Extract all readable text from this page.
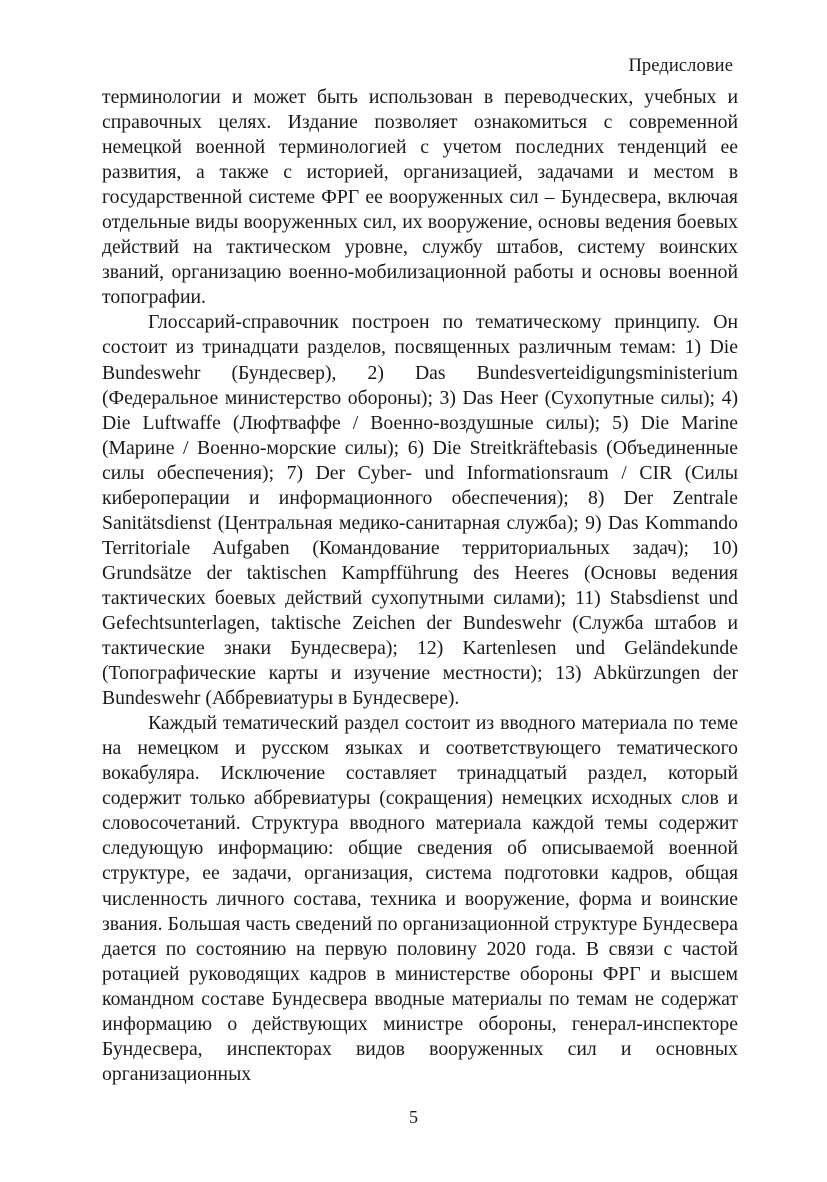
Предисловие

терминологии и может быть использован в переводческих, учебных и справочных целях. Издание позволяет ознакомиться с современной немецкой военной терминологией с учетом последних тенденций ее развития, а также с историей, организацией, задачами и местом в государственной системе ФРГ ее вооруженных сил – Бундесвера, включая отдельные виды вооруженных сил, их вооружение, основы ведения боевых действий на тактическом уровне, службу штабов, систему воинских званий, организацию военно-мобилизационной работы и основы военной топографии.

Глоссарий-справочник построен по тематическому принципу. Он состоит из тринадцати разделов, посвященных различным темам: 1) Die Bundeswehr (Бундесвер), 2) Das Bundesverteidigungsministerium (Федеральное министерство обороны); 3) Das Heer (Сухопутные силы); 4) Die Luftwaffe (Люфтваффе / Военно-воздушные силы); 5) Die Marine (Марине / Военно-морские силы); 6) Die Streitkräftebasis (Объединенные силы обеспечения); 7) Der Cyber- und Informationsraum / CIR (Силы кибероперации и информационного обеспечения); 8) Der Zentrale Sanitätsdienst (Центральная медико-санитарная служба); 9) Das Kommando Territoriale Aufgaben (Командование территориальных задач); 10) Grundsätze der taktischen Kampfführung des Heeres (Основы ведения тактических боевых действий сухопутными силами); 11) Stabsdienst und Gefechtsunterlagen, taktische Zeichen der Bundeswehr (Служба штабов и тактические знаки Бундесвера); 12) Kartenlesen und Geländekunde (Топографические карты и изучение местности); 13) Abkürzungen der Bundeswehr (Аббревиатуры в Бундесвере).

Каждый тематический раздел состоит из вводного материала по теме на немецком и русском языках и соответствующего тематического вокабуляра. Исключение составляет тринадцатый раздел, который содержит только аббревиатуры (сокращения) немецких исходных слов и словосочетаний. Структура вводного материала каждой темы содержит следующую информацию: общие сведения об описываемой военной структуре, ее задачи, организация, система подготовки кадров, общая численность личного состава, техника и вооружение, форма и воинские звания. Большая часть сведений по организационной структуре Бундесвера дается по состоянию на первую половину 2020 года. В связи с частой ротацией руководящих кадров в министерстве обороны ФРГ и высшем командном составе Бундесвера вводные материалы по темам не содержат информацию о действующих министре обороны, генерал-инспекторе Бундесвера, инспекторах видов вооруженных сил и основных организационных

5
